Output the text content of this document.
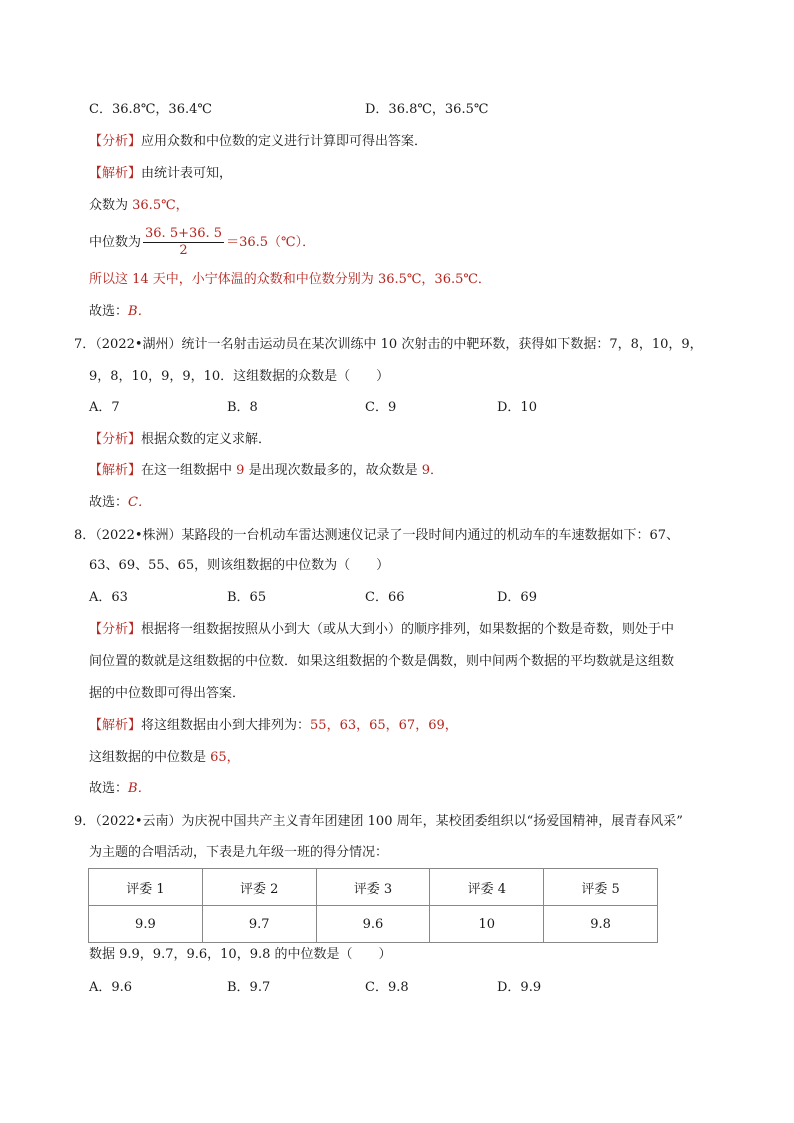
C．36.8℃，36.4℃	D．36.8℃，36.5℃
【分析】应用众数和中位数的定义进行计算即可得出答案．
【解析】由统计表可知，
众数为 36.5℃，
中位数为 $\frac{36. 5+36. 5}{2}$ ＝36.5（℃）．
所以这 14 天中，小宁体温的众数和中位数分别为 36.5℃，36.5℃．
故选：B．
7．（2022•湖州）统计一名射击运动员在某次训练中 10 次射击的中靶环数，获得如下数据：7，8，10，9，
9，8，10，9，9，10．这组数据的众数是（　　）
A．7	B．8	C．9	D．10
【分析】根据众数的定义求解．
【解析】在这一组数据中 9 是出现次数最多的，故众数是 9．
故选：C．
8．（2022•株洲）某路段的一台机动车雷达测速仪记录了一段时间内通过的机动车的车速数据如下：67、
63、69、55、65，则该组数据的中位数为（　　）
A．63	B．65	C．66	D．69
【分析】根据将一组数据按照从小到大（或从大到小）的顺序排列，如果数据的个数是奇数，则处于中
间位置的数就是这组数据的中位数．如果这组数据的个数是偶数，则中间两个数据的平均数就是这组数
据的中位数即可得出答案．
【解析】将这组数据由小到大排列为：55，63，65，67，69，
这组数据的中位数是 65，
故选：B．
9．（2022•云南）为庆祝中国共产主义青年团建团 100 周年，某校团委组织以“扬爱国精神，展青春风采”
为主题的合唱活动，下表是九年级一班的得分情况：
评委 1	评委 2	评委 3	评委 4	评委 5
9.9	9.7	9.6	10	9.8
数据 9.9，9.7，9.6，10，9.8 的中位数是（　　）
A．9.6	B．9.7	C．9.8	D．9.9
